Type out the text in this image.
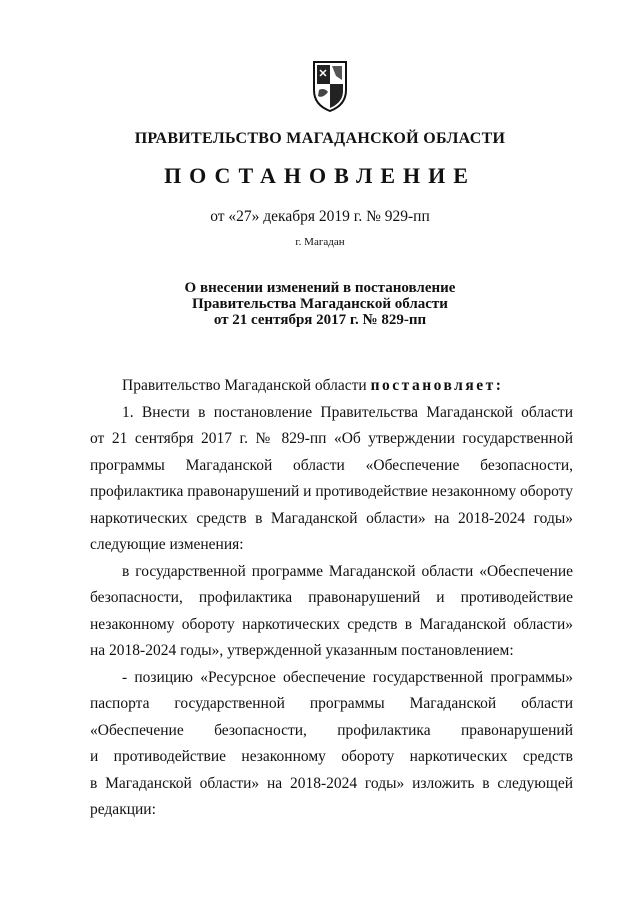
ПРАВИТЕЛЬСТВО МАГАДАНСКОЙ ОБЛАСТИ
ПОСТАНОВЛЕНИЕ
от «27» декабря 2019 г. № 929-пп
г. Магадан
О внесении изменений в постановление
Правительства Магаданской области
от 21 сентября 2017 г. № 829-пп
Правительство Магаданской области постановляет:
1. Внести в постановление Правительства Магаданской области
от 21 сентября 2017 г. № 829-пп «Об утверждении государственной
программы Магаданской области «Обеспечение безопасности,
профилактика правонарушений и противодействие незаконному обороту
наркотических средств в Магаданской области» на 2018-2024 годы»
следующие изменения:
в государственной программе Магаданской области «Обеспечение
безопасности, профилактика правонарушений и противодействие
незаконному обороту наркотических средств в Магаданской области»
на 2018-2024 годы», утвержденной указанным постановлением:
- позицию «Ресурсное обеспечение государственной программы»
паспорта государственной программы Магаданской области
«Обеспечение безопасности, профилактика правонарушений
и противодействие незаконному обороту наркотических средств
в Магаданской области» на 2018-2024 годы» изложить в следующей
редакции:
